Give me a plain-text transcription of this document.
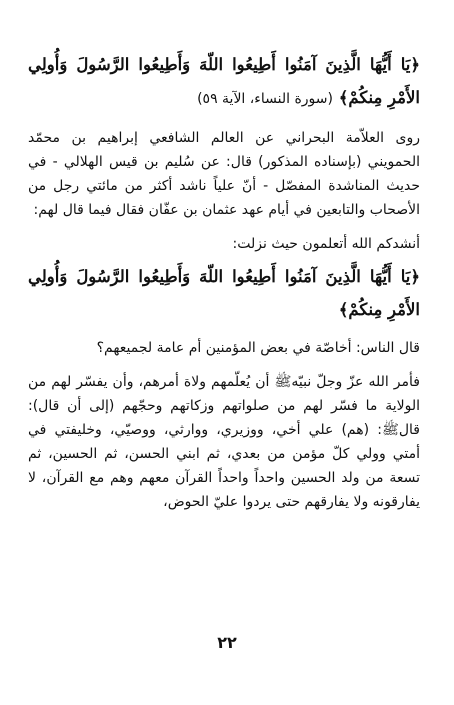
﴿يَا أَيُّهَا الَّذِينَ آمَنُوا أَطِيعُوا اللّهَ وَأَطِيعُوا الرَّسُولَ وَأُولِي الأَمْرِ مِنكُمْ﴾ (سورة النساء، الآية ٥٩)

روى العلاّمة البحراني عن العالم الشافعي إبراهيم بن محمّد الحمويني (بإسناده المذكور) قال: عن سُليم بن قيس الهلالي - في حديث المناشدة المفصّل - أنّ علياً ناشد أكثر من مائتي رجل من الأصحاب والتابعين في أيام عهد عثمان بن عفّان فقال فيما قال لهم:

أنشدكم الله أتعلمون حيث نزلت:

﴿يَا أَيُّهَا الَّذِينَ آمَنُوا أَطِيعُوا اللّهَ وَأَطِيعُوا الرَّسُولَ وَأُولِي الأَمْرِ مِنكُمْ﴾

قال الناس: أخاصّة في بعض المؤمنين أم عامة لجميعهم؟

فأمر الله عزّ وجلّ نبيّهﷺ أن يُعلّمهم ولاة أمرهم، وأن يفسّر لهم من الولاية ما فسّر لهم من صلواتهم وزكاتهم وحجّهم (إلى أن قال): قالﷺ: (هم) علي أخي، ووزيري، ووارثي، ووصيّي، وخليفتي في أمتي وولي كلّ مؤمن من بعدي، ثم ابني الحسن، ثم الحسين، ثم تسعة من ولد الحسين واحداً واحداً القرآن معهم وهم مع القرآن، لا يفارقونه ولا يفارقهم حتى يردوا عليّ الحوض،

٢٢
